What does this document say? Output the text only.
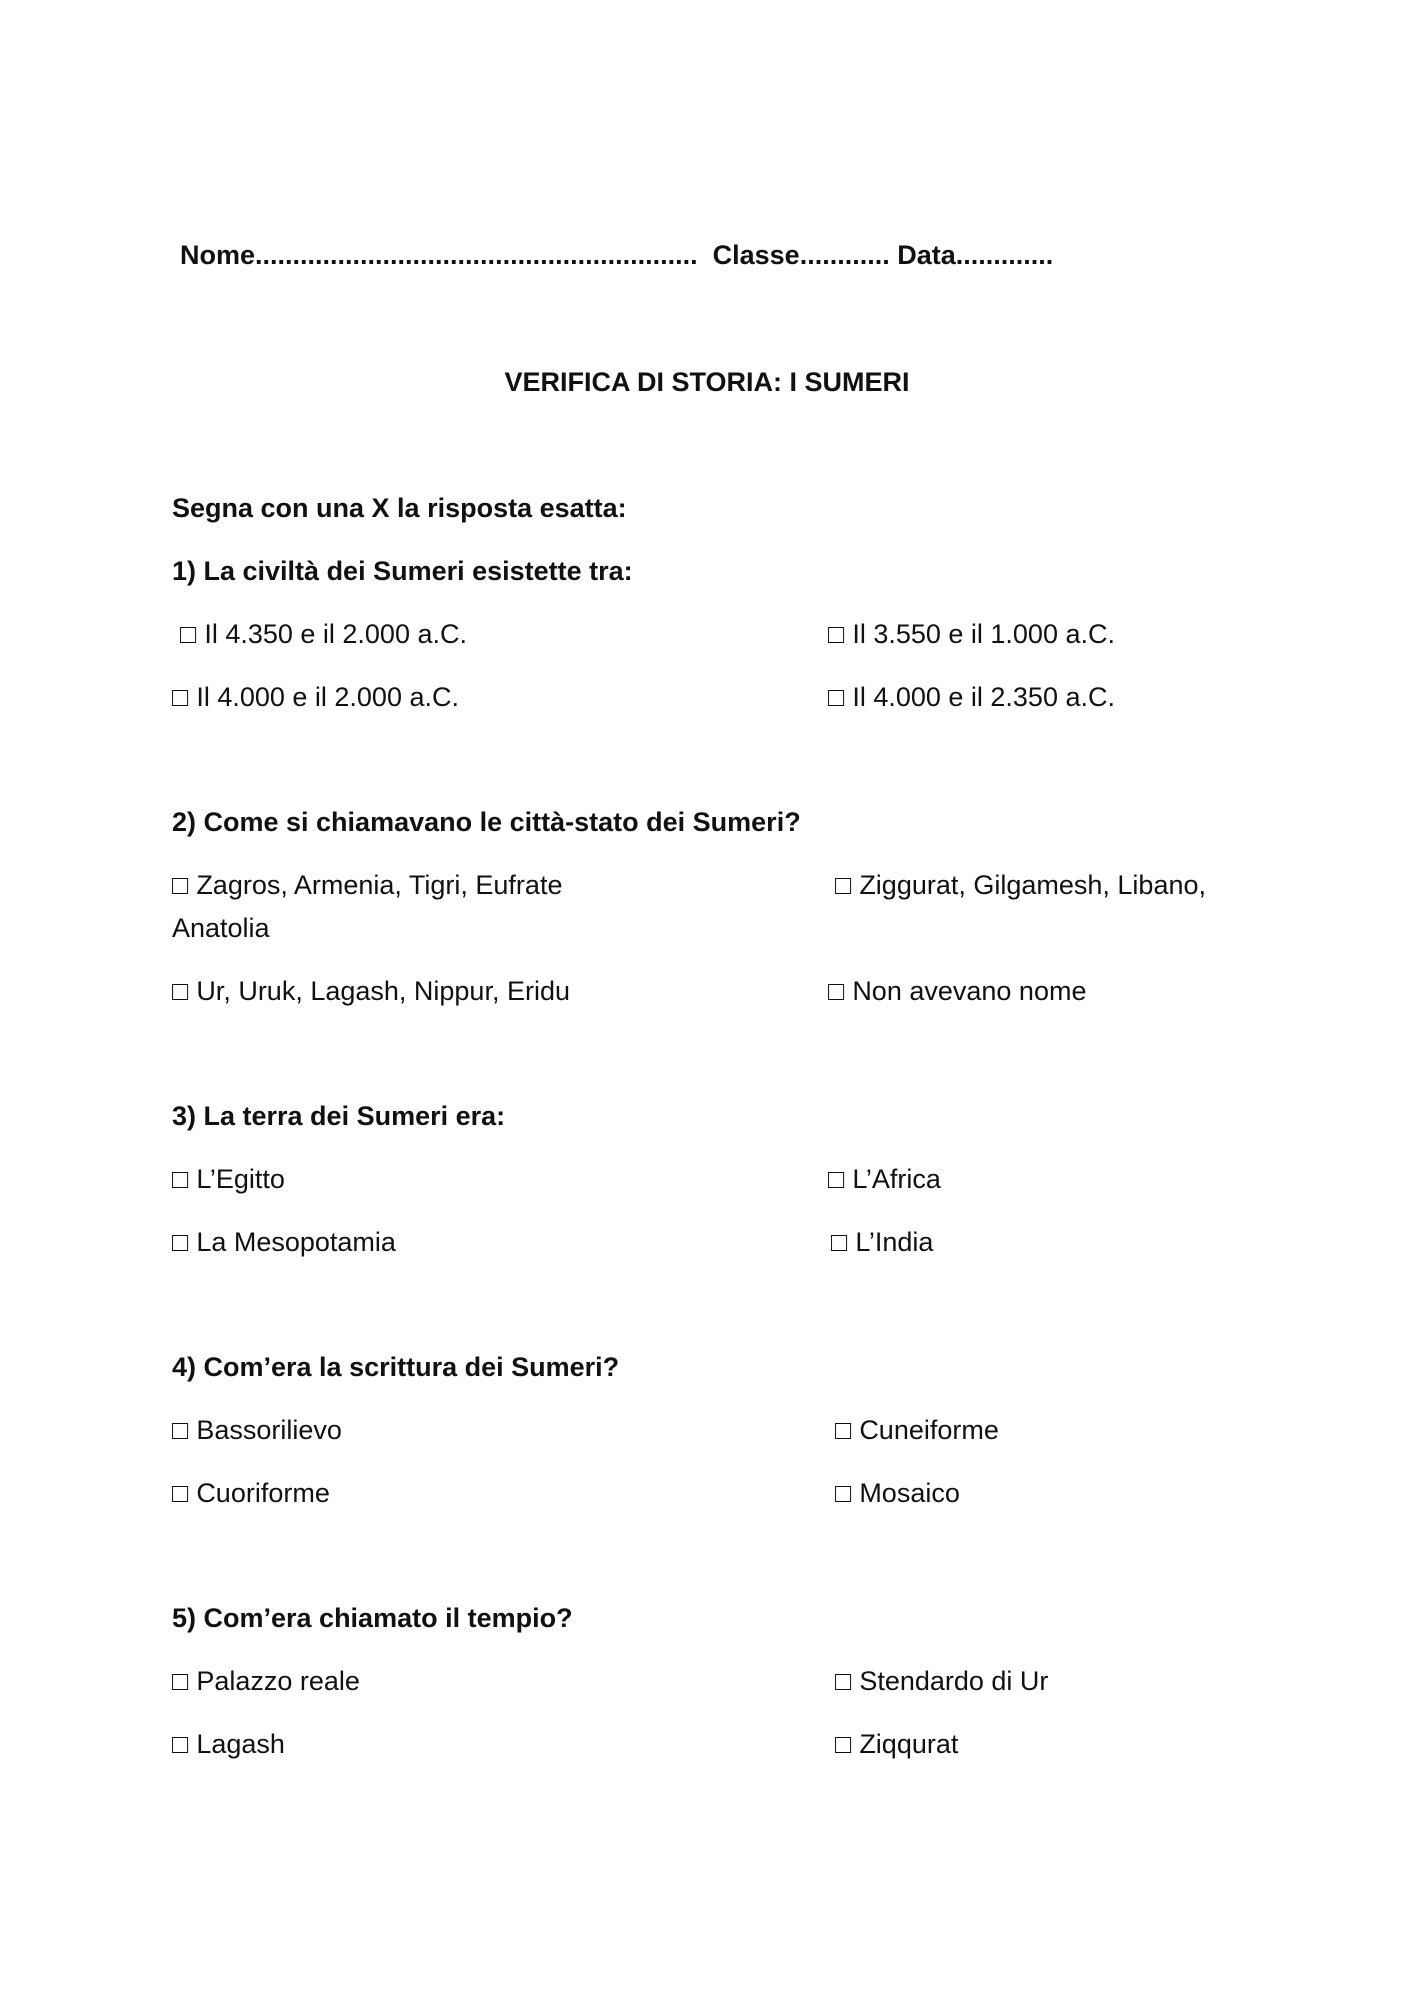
Nome........................................................... Classe............ Data.............
VERIFICA DI STORIA: I SUMERI
Segna con una X la risposta esatta:
1) La civiltà dei Sumeri esistette tra:
□ Il 4.350 e il 2.000 a.C.	□ Il 3.550 e il 1.000 a.C.
□ Il 4.000 e il 2.000 a.C.	□ Il 4.000 e il 2.350 a.C.
2) Come si chiamavano le città-stato dei Sumeri?
□ Zagros, Armenia, Tigri, Eufrate	□ Ziggurat, Gilgamesh, Libano,
Anatolia
□ Ur, Uruk, Lagash, Nippur, Eridu	□ Non avevano nome
3) La terra dei Sumeri era:
□ L’Egitto	□ L’Africa
□ La Mesopotamia	□ L’India
4) Com’era la scrittura dei Sumeri?
□ Bassorilievo	□ Cuneiforme
□ Cuoriforme	□ Mosaico
5) Com’era chiamato il tempio?
□ Palazzo reale	□ Stendardo di Ur
□ Lagash	□ Ziqqurat
